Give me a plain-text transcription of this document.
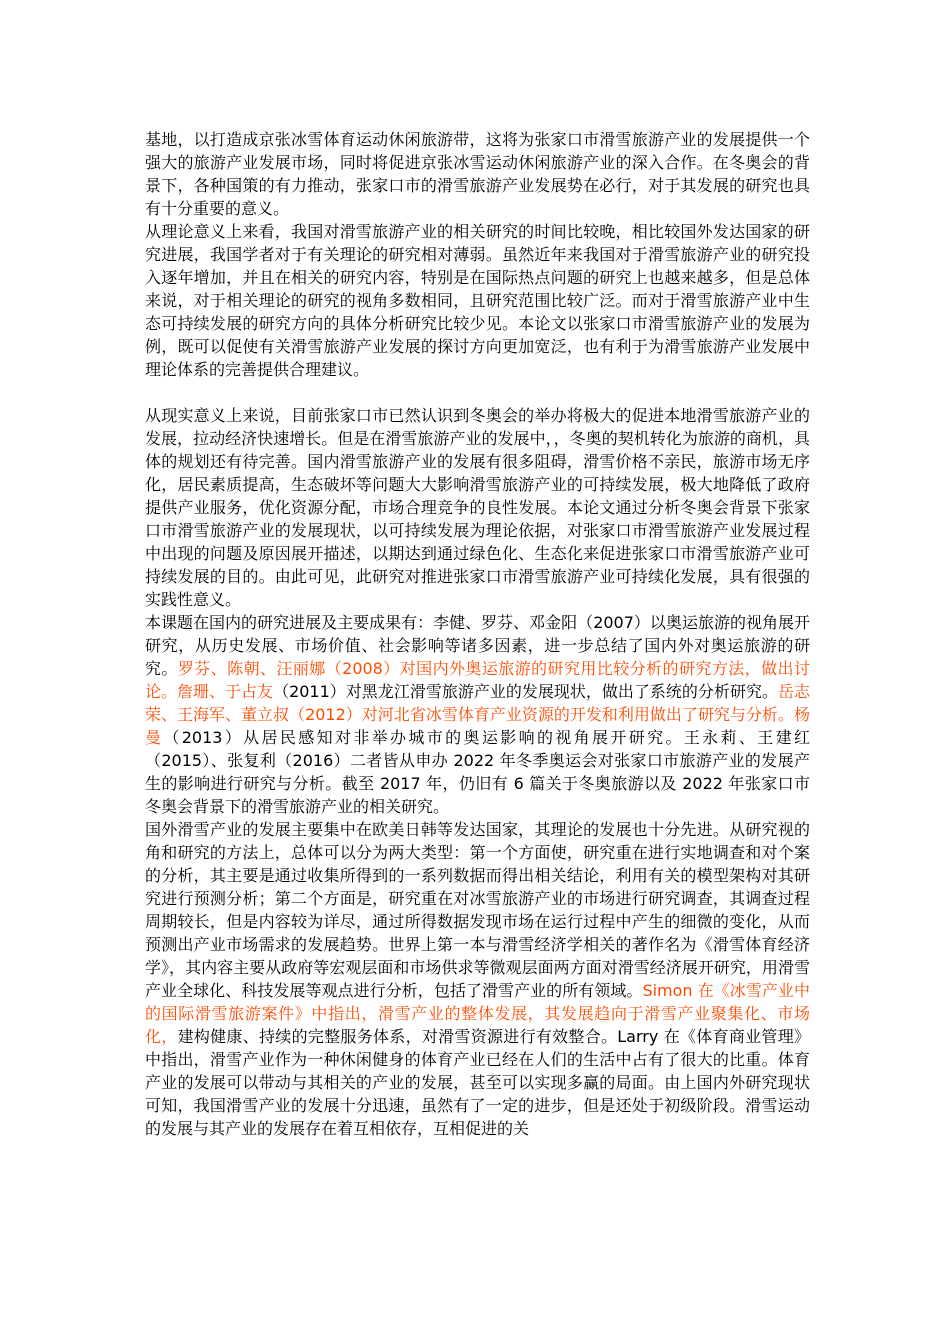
基地，以打造成京张冰雪体育运动休闲旅游带，这将为张家口市滑雪旅游产业的发展提供一个强大的旅游产业发展市场，同时将促进京张冰雪运动休闲旅游产业的深入合作。在冬奥会的背景下，各种国策的有力推动，张家口市的滑雪旅游产业发展势在必行，对于其发展的研究也具有十分重要的意义。

从理论意义上来看，我国对滑雪旅游产业的相关研究的时间比较晚，相比较国外发达国家的研究进展，我国学者对于有关理论的研究相对薄弱。虽然近年来我国对于滑雪旅游产业的研究投入逐年增加，并且在相关的研究内容，特别是在国际热点问题的研究上也越来越多，但是总体来说，对于相关理论的研究的视角多数相同，且研究范围比较广泛。而对于滑雪旅游产业中生态可持续发展的研究方向的具体分析研究比较少见。本论文以张家口市滑雪旅游产业的发展为例，既可以促使有关滑雪旅游产业发展的探讨方向更加宽泛，也有利于为滑雪旅游产业发展中理论体系的完善提供合理建议。

从现实意义上来说，目前张家口市已然认识到冬奥会的举办将极大的促进本地滑雪旅游产业的发展，拉动经济快速增长。但是在滑雪旅游产业的发展中，，冬奥的契机转化为旅游的商机，具体的规划还有待完善。国内滑雪旅游产业的发展有很多阻碍，滑雪价格不亲民，旅游市场无序化，居民素质提高，生态破坏等问题大大影响滑雪旅游产业的可持续发展，极大地降低了政府提供产业服务，优化资源分配，市场合理竞争的良性发展。本论文通过分析冬奥会背景下张家口市滑雪旅游产业的发展现状，以可持续发展为理论依据，对张家口市滑雪旅游产业发展过程中出现的问题及原因展开描述，以期达到通过绿色化、生态化来促进张家口市滑雪旅游产业可持续发展的目的。由此可见，此研究对推进张家口市滑雪旅游产业可持续化发展，具有很强的实践性意义。

本课题在国内的研究进展及主要成果有：李健、罗芬、邓金阳（2007）以奥运旅游的视角展开研究，从历史发展、市场价值、社会影响等诸多因素，进一步总结了国内外对奥运旅游的研究。罗芬、陈朝、汪丽娜（2008）对国内外奥运旅游的研究用比较分析的研究方法，做出讨论。詹珊、于占友（2011）对黑龙江滑雪旅游产业的发展现状，做出了系统的分析研究。岳志荣、王海军、董立叔（2012）对河北省冰雪体育产业资源的开发和利用做出了研究与分析。杨曼（2013）从居民感知对非举办城市的奥运影响的视角展开研究。王永莉、王建红（2015）、张复利（2016）二者皆从申办 2022 年冬季奥运会对张家口市旅游产业的发展产生的影响进行研究与分析。截至 2017 年，仍旧有 6 篇关于冬奥旅游以及 2022 年张家口市冬奥会背景下的滑雪旅游产业的相关研究。

国外滑雪产业的发展主要集中在欧美日韩等发达国家，其理论的发展也十分先进。从研究视的角和研究的方法上，总体可以分为两大类型：第一个方面使，研究重在进行实地调查和对个案的分析，其主要是通过收集所得到的一系列数据而得出相关结论，利用有关的模型架构对其研究进行预测分析；第二个方面是，研究重在对冰雪旅游产业的市场进行研究调查，其调查过程周期较长，但是内容较为详尽，通过所得数据发现市场在运行过程中产生的细微的变化，从而预测出产业市场需求的发展趋势。世界上第一本与滑雪经济学相关的著作名为《滑雪体育经济学》，其内容主要从政府等宏观层面和市场供求等微观层面两方面对滑雪经济展开研究，用滑雪产业全球化、科技发展等观点进行分析，包括了滑雪产业的所有领域。Simon 在《冰雪产业中的国际滑雪旅游案件》中指出，滑雪产业的整体发展，其发展趋向于滑雪产业聚集化、市场化，建构健康、持续的完整服务体系，对滑雪资源进行有效整合。Larry 在《体育商业管理》中指出，滑雪产业作为一种休闲健身的体育产业已经在人们的生活中占有了很大的比重。体育产业的发展可以带动与其相关的产业的发展，甚至可以实现多赢的局面。由上国内外研究现状可知，我国滑雪产业的发展十分迅速，虽然有了一定的进步，但是还处于初级阶段。滑雪运动的发展与其产业的发展存在着互相依存，互相促进的关
